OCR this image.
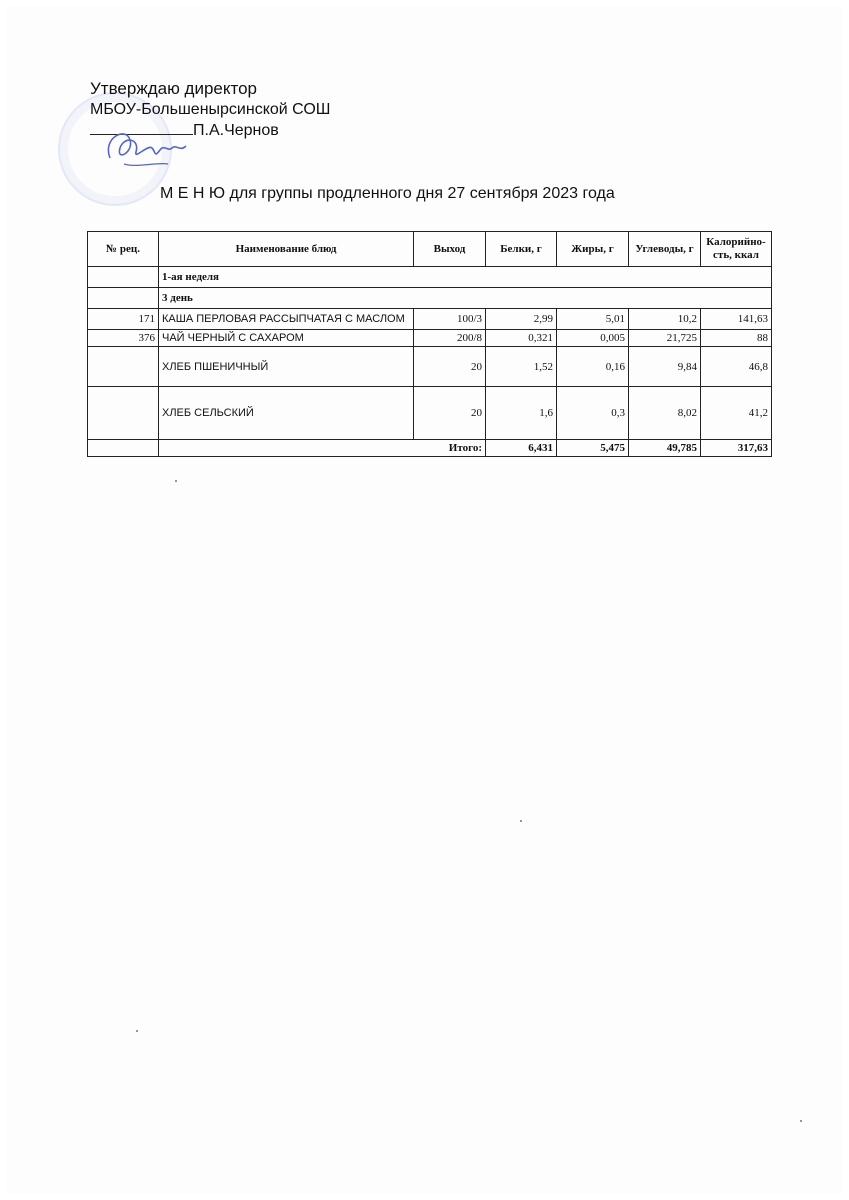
Утверждаю директор
МБОУ-Большенырсинской СОШ
П.А.Чернов
М Е Н Ю для группы продленного дня 27 сентября 2023 года
№ рец.	Наименование блюд	Выход	Белки, г	Жиры, г	Углеводы, г	Калорийность, ккал
	1-ая неделя					
	3 день					
171	КАША ПЕРЛОВАЯ РАССЫПЧАТАЯ С МАСЛОМ	100/3	2,99	5,01	10,2	141,63
376	ЧАЙ ЧЕРНЫЙ С САХАРОМ	200/8	0,321	0,005	21,725	88
	ХЛЕБ ПШЕНИЧНЫЙ	20	1,52	0,16	9,84	46,8
	ХЛЕБ СЕЛЬСКИЙ	20	1,6	0,3	8,02	41,2
	Итого:		6,431	5,475	49,785	317,63
